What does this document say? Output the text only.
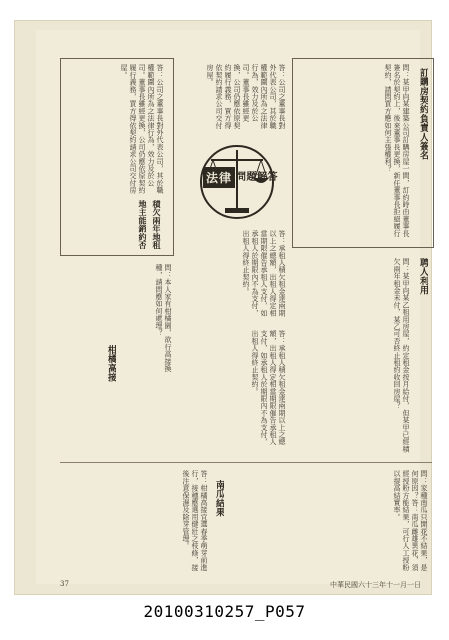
訂購房契約負責人簽名
問：某甲向某建築公司訂購房屋一間，訂約時由董事長簽名於契約上，後來董事長更換，新任董事長拒絕履行契約，請問買方應如何主張權利？
答：公司之董事長對外代表公司，其於職權範圍內所為之法律行為，效力及於公司。董事長雖經更換，公司仍應依原契約履行義務，買方得依契約請求公司交付房屋。
積欠兩年地租
地主能銷約否
答：公司之董事長對外代表公司，其於職權範圍內所為之法律行為，效力及於公司。董事長雖經更換，公司仍應依原契約履行義務，買方得依契約請求公司交付房屋。
法律 問題解答
答：承租人積欠租金達兩期以上之總額，出租人得定相當期限催告承租人支付，如承租人於期限內不為支付，出租人得終止契約。	聘人利用
問：某甲向某乙租用房屋，約定租金按月給付，但某甲已經積欠兩年租金未付，某乙可否終止租約收回房屋？
答：承租人積欠租金達兩期以上之總額，出租人得定相當期限催告承租人支付，如承租人於期限內不為支付，出租人得終止契約。
問：本人家有柑橘園，欲行高接換種，請問應如何處理？
柑橘高接
南瓜結果	問：家種南瓜只開花不結果，是何原因？答：南瓜雌雄異花，須經授粉方能結果，可行人工授粉以提高結實率。
答：柑橘高接宜選春季萌芽前進行，接穗應選用健壯之枝條，接後注意保濕及除芽管理。
37	中華民國六十三年十一月一日
20100310257_P057
